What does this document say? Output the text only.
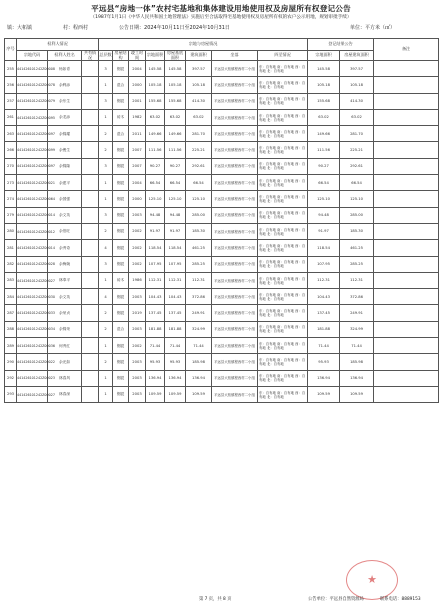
平远县“房地一体”农村宅基地和集体建设用地使用权及房屋所有权登记公告
（1987年1月1日《中华人民共和国土地管理法》实施后至合法取得宅基地使用权及房屋所有权的农户公示用地，规划审批手续）
镇：大柘镇	村：程西村	公告日期：2024年10月11日至2024年10月31日	单位：平方米（㎡）
序号	权利人情况			宗地与房屋情况								登记结果公告		备注
	宗地代码	权利人姓名	共有情况	总层数	房屋结构	竣工时间	宗地面积	房屋基底面积	建筑面积	坐落	四至情况	宗地面积	房屋建筑面积	
255	441426101242Z00008	杨如青		3	钢混	2004	145.58	145.58	397.57	平远县大柘镇程西村二小组	东：自有地 南：自有地 西：自有地 北：自有地	145.58	397.57	
256	441426101242Z00078	余利添		1	混合	2000	105.18	105.18	105.18	平远县大柘镇程西村二小组	东：自有地 南：自有地 西：自有地 北：自有地	105.18	105.18	
257	441426101242Z00079	余东生		3	钢混	2001	155.68	155.68	414.30	平远县大柘镇程西村二小组	东：自有地 南：自有地 西：自有地 北：自有地	155.68	414.30	
261	441426101242Z00095	余龙添		1	砖木	1982	63.02	63.02	63.02	平远县大柘镇程西村二小组	东：自有地 南：自有地 西：自有地 北：自有地	63.02	63.02	
263	441426101242Z00097	余锦耀		2	混合	2011	149.66	149.66	281.70	平远县大柘镇程西村二小组	东：自有地 南：自有地 西：自有地 北：自有地	149.66	281.70	
266	441426101242Z00099	余俊生		2	钢混	2007	111.56	111.56	225.21	平远县大柘镇程西村二小组	东：自有地 南：自有地 西：自有地 北：自有地	111.56	225.21	
270	441426101242Z00097	余锦隆		3	钢混	2007	90.27	90.27	292.61	平远县大柘镇程西村二小组	东：自有地 南：自有地 西：自有地 北：自有地	90.27	292.61	
273	441426101242Z00021	余建平		1	钢混	2004	66.54	66.54	66.54	平远县大柘镇程西村二小组	东：自有地 南：自有地 西：自有地 北：自有地	66.54	66.54	
274	441426101242Z00064	余国强		1	钢混	2000	125.10	125.10	125.10	平远县大柘镇程西村二小组	东：自有地 南：自有地 西：自有地 北：自有地	125.10	125.10	
279	441426101242Z00014	余文英		3	钢混	2003	94.48	94.48	285.00	平远县大柘镇程西村二小组	东：自有地 南：自有地 西：自有地 北：自有地	94.48	285.00	
280	441426101242Z00012	余伯旺		2	钢混	2002	91.97	91.97	185.30	平远县大柘镇程西村二小组	东：自有地 南：自有地 西：自有地 北：自有地	91.97	185.30	
281	441426101242Z00014	余秀奇		4	钢混	2002	118.54	118.54	461.25	平远县大柘镇程西村二小组	东：自有地 南：自有地 西：自有地 北：自有地	118.54	461.25	
282	441426101242Z00028	余梅婉		3	钢混	2002	107.95	107.95	285.25	平远县大柘镇程西村二小组	东：自有地 南：自有地 西：自有地 北：自有地	107.95	285.25	
283	441426101242Z00027	林奉平		1	砖木	1986	112.31	112.31	112.31	平远县大柘镇程西村二小组	东：自有地 南：自有地 西：自有地 北：自有地	112.31	112.31	
284	441426101242Z00030	余文英		4	钢混	2003	104.43	104.43	372.86	平远县大柘镇程西村二小组	东：自有地 南：自有地 西：自有地 北：自有地	104.43	372.86	
287	441426101242Z00033	余荣贞		2	钢混	2019	137.45	137.45	249.91	平远县大柘镇程西村二小组	东：自有地 南：自有地 西：自有地 北：自有地	137.45	249.91	
288	441426101242Z00034	余锦荣		2	混合	2003	181.88	181.88	324.99	平远县大柘镇程西村二小组	东：自有地 南：自有地 西：自有地 北：自有地	181.88	324.99	
289	441426101242Z00036	何秀红		1	钢混	2002	71.44	71.44	71.44	平远县大柘镇程西村二小组	东：自有地 南：自有地 西：自有地 北：自有地	71.44	71.44	
290	441426101242Z00022	余光如		2	钢混	2003	95.93	95.93	185.98	平远县大柘镇程西村二小组	东：自有地 南：自有地 西：自有地 北：自有地	95.93	185.98	
292	441426101242Z00023	林春风		1	钢混	2003	136.94	136.94	136.94	平远县大柘镇程西村二小组	东：自有地 南：自有地 西：自有地 北：自有地	136.94	136.94	
293	441426101242Z00027	林春深		1	钢混	2003	109.59	109.59	109.59	平远县大柘镇程西村二小组	东：自有地 南：自有地 西：自有地 北：自有地	109.59	109.59	
★
第 7 页，共 8 页	公告单位：平远县自然资源局	联系电话：8889153
